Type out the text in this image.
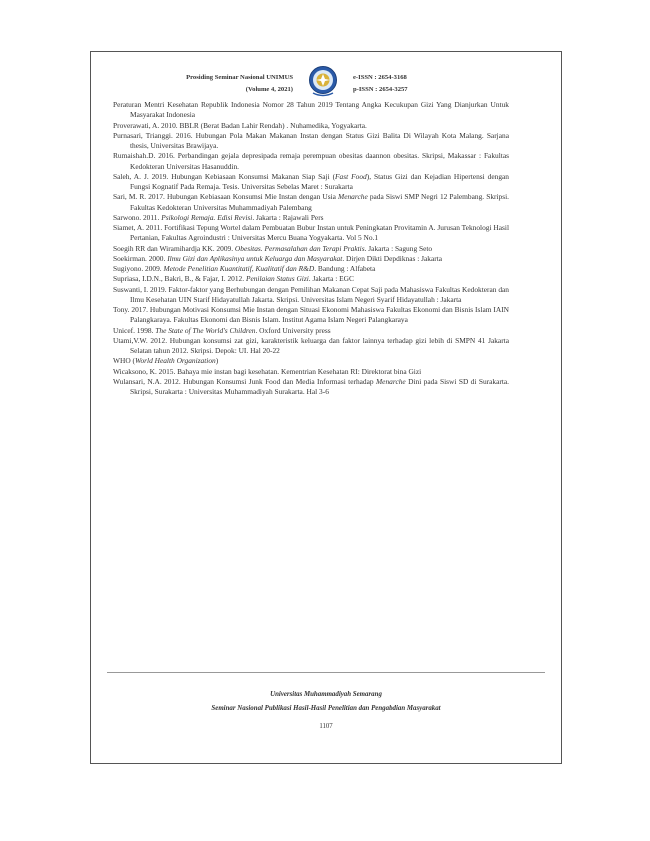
Prosiding Seminar Nasional UNIMUS
(Volume 4, 2021)
e-ISSN : 2654-3168
p-ISSN : 2654-3257

Peraturan Mentri Kesehatan Republik Indonesia Nomor 28 Tahun 2019 Tentang Angka Kecukupan Gizi Yang Dianjurkan Untuk Masyarakat Indonesia

Proverawati, A. 2010. BBLR (Berat Badan Lahir Rendah) . Nuhamedika, Yogyakarta.

Purnasari, Trianggi. 2016. Hubungan Pola Makan Makanan Instan dengan Status Gizi Balita Di Wilayah Kota Malang. Sarjana thesis, Universitas Brawijaya.

Rumaishah.D. 2016. Perbandingan gejala depresipada remaja perempuan obesitas daannon obesitas. Skripsi, Makassar : Fakultas Kedokteran Universitas Hasanuddin.

Saleh, A. J. 2019. Hubungan Kebiasaan Konsumsi Makanan Siap Saji (Fast Food), Status Gizi dan Kejadian Hipertensi dengan Fungsi Kognatif Pada Remaja. Tesis. Universitas Sebelas Maret : Surakarta

Sari, M. R. 2017. Hubungan Kebiasaan Konsumsi Mie Instan dengan Usia Menarche pada Siswi SMP Negri 12 Palembang. Skripsi. Fakultas Kedokteran Universitas Muhammadiyah Palembang

Sarwono. 2011. Psikologi Remaja. Edisi Revisi. Jakarta : Rajawali Pers

Siamet, A. 2011. Fortifikasi Tepung Wortel dalam Pembuatan Bubur Instan untuk Peningkatan Provitamin A. Jurusan Teknologi Hasil Pertanian, Fakultas Agroindustri : Universitas Mercu Buana Yogyakarta. Vol 5 No.1

Soegih RR dan Wiramihardja KK. 2009. Obesitas. Permasalahan dan Terapi Praktis. Jakarta : Sagung Seto

Soekirman. 2000. Ilmu Gizi dan Aplikasinya untuk Keluarga dan Masyarakat. Dirjen Dikti Depdiknas : Jakarta

Sugiyono. 2009. Metode Penelitian Kuantitatif, Kualitatif dan R&D. Bandung : Alfabeta

Supriasa, I.D.N., Bakri, B., & Fajar, I. 2012. Penilaian Status Gizi. Jakarta : EGC

Suswanti, I. 2019. Faktor-faktor yang Berhubungan dengan Pemilihan Makanan Cepat Saji pada Mahasiswa Fakultas Kedokteran dan Ilmu Kesehatan UIN Starif Hidayatullah Jakarta. Skripsi. Universitas Islam Negeri Syarif Hidayatullah : Jakarta

Tony. 2017. Hubungan Motivasi Konsumsi Mie Instan dengan Situasi Ekonomi Mahasiswa Fakultas Ekonomi dan Bisnis Islam IAIN Palangkaraya. Fakultas Ekonomi dan Bisnis Islam. Institut Agama Islam Negeri Palangkaraya

Unicef. 1998. The State of The World's Children. Oxford University press

Utami,V.W. 2012. Hubungan konsumsi zat gizi, karakteristik keluarga dan faktor lainnya terhadap gizi lebih di SMPN 41 Jakarta Selatan tahun 2012. Skripsi. Depok: UI. Hal 20-22

WHO (World Health Organization)

Wicaksono, K. 2015. Bahaya mie instan bagi kesehatan. Kementrian Kesehatan RI: Direktorat bina Gizi

Wulansari, N.A. 2012. Hubungan Konsumsi Junk Food dan Media Informasi terhadap Menarche Dini pada Siswi SD di Surakarta. Skripsi, Surakarta : Universitas Muhammadiyah Surakarta. Hal 3-6

Universitas Muhammadiyah Semarang
Seminar Nasional Publikasi Hasil-Hasil Penelitian dan Pengabdian Masyarakat
1107
